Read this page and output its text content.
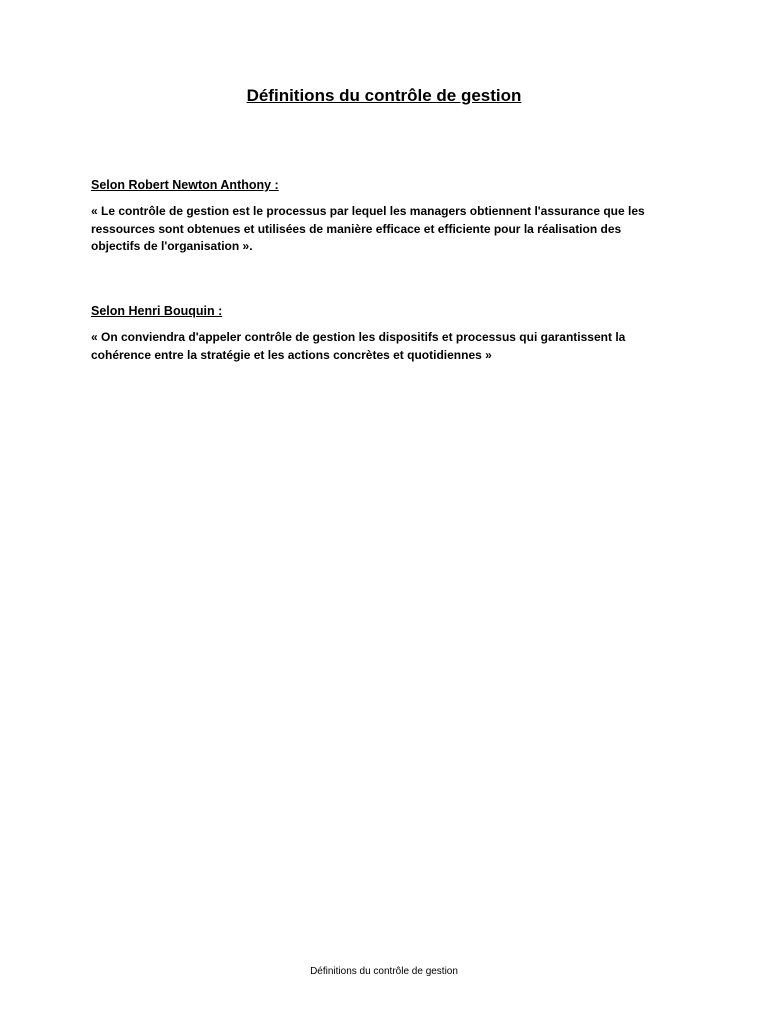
Définitions du contrôle de gestion

Selon Robert Newton Anthony :

« Le contrôle de gestion est le processus par lequel les managers obtiennent l'assurance que les
ressources sont obtenues et utilisées de manière efficace et efficiente pour la réalisation des
objectifs de l'organisation ».

Selon Henri Bouquin :

« On conviendra d'appeler contrôle de gestion les dispositifs et processus qui garantissent la
cohérence entre la stratégie et les actions concrètes et quotidiennes »

Définitions du contrôle de gestion
